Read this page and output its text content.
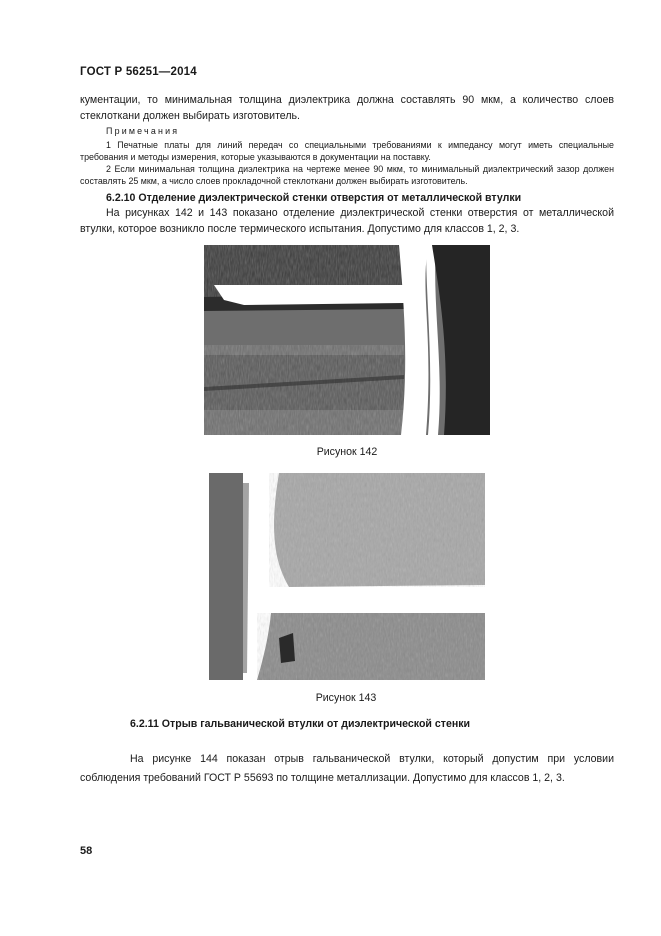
ГОСТ Р 56251—2014
кументации, то минимальная толщина диэлектрика должна составлять 90 мкм, а количество слоев стеклоткани должен выбирать изготовитель.
Примечания
1 Печатные платы для линий передач со специальными требованиями к импедансу могут иметь специальные требования и методы измерения, которые указываются в документации на поставку.
2 Если минимальная толщина диэлектрика на чертеже менее 90 мкм, то минимальный диэлектрический зазор должен составлять 25 мкм, а число слоев прокладочной стеклоткани должен выбирать изготовитель.
6.2.10 Отделение диэлектрической стенки отверстия от металлической втулки
На рисунках 142 и 143 показано отделение диэлектрической стенки отверстия от металлической втулки, которое возникло после термического испытания. Допустимо для классов 1, 2, 3.
Рисунок 142
Рисунок 143
6.2.11 Отрыв гальванической втулки от диэлектрической стенки
На рисунке 144 показан отрыв гальванической втулки, который допустим при условии соблюдения требований ГОСТ Р 55693 по толщине металлизации. Допустимо для классов 1, 2, 3.
58
